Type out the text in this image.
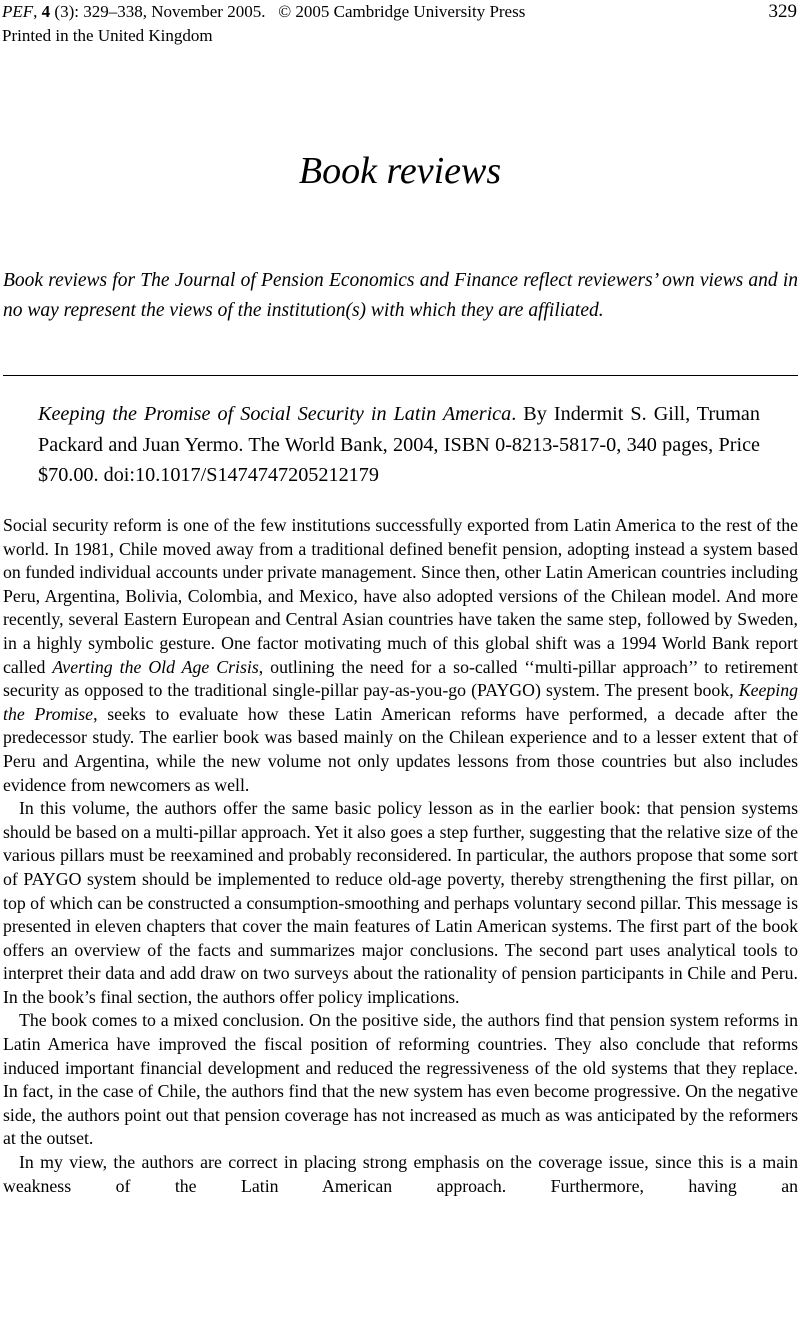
PEF, 4 (3): 329–338, November 2005. © 2005 Cambridge University Press
Printed in the United Kingdom
329
Book reviews
Book reviews for The Journal of Pension Economics and Finance reflect reviewers’ own views and in no way represent the views of the institution(s) with which they are affiliated.
Keeping the Promise of Social Security in Latin America. By Indermit S. Gill, Truman Packard and Juan Yermo. The World Bank, 2004, ISBN 0-8213-5817-0, 340 pages, Price $70.00. doi:10.1017/S1474747205212179

Social security reform is one of the few institutions successfully exported from Latin America to the rest of the world. In 1981, Chile moved away from a traditional defined benefit pension, adopting instead a system based on funded individual accounts under private management. Since then, other Latin American countries including Peru, Argentina, Bolivia, Colombia, and Mexico, have also adopted versions of the Chilean model. And more recently, several Eastern European and Central Asian countries have taken the same step, followed by Sweden, in a highly symbolic gesture. One factor motivating much of this global shift was a 1994 World Bank report called Averting the Old Age Crisis, outlining the need for a so-called ‘‘multi-pillar approach’’ to retirement security as opposed to the traditional single-pillar pay-as-you-go (PAYGO) system. The present book, Keeping the Promise, seeks to evaluate how these Latin American reforms have performed, a decade after the predecessor study. The earlier book was based mainly on the Chilean experience and to a lesser extent that of Peru and Argentina, while the new volume not only updates lessons from those countries but also includes evidence from newcomers as well.

In this volume, the authors offer the same basic policy lesson as in the earlier book: that pension systems should be based on a multi-pillar approach. Yet it also goes a step further, suggesting that the relative size of the various pillars must be reexamined and probably reconsidered. In particular, the authors propose that some sort of PAYGO system should be implemented to reduce old-age poverty, thereby strengthening the first pillar, on top of which can be constructed a consumption-smoothing and perhaps voluntary second pillar. This message is presented in eleven chapters that cover the main features of Latin American systems. The first part of the book offers an overview of the facts and summarizes major conclusions. The second part uses analytical tools to interpret their data and add draw on two surveys about the rationality of pension participants in Chile and Peru. In the book’s final section, the authors offer policy implications.

The book comes to a mixed conclusion. On the positive side, the authors find that pension system reforms in Latin America have improved the fiscal position of reforming countries. They also conclude that reforms induced important financial development and reduced the regressiveness of the old systems that they replace. In fact, in the case of Chile, the authors find that the new system has even become progressive. On the negative side, the authors point out that pension coverage has not increased as much as was anticipated by the reformers at the outset.

In my view, the authors are correct in placing strong emphasis on the coverage issue, since this is a main weakness of the Latin American approach. Furthermore, having an
